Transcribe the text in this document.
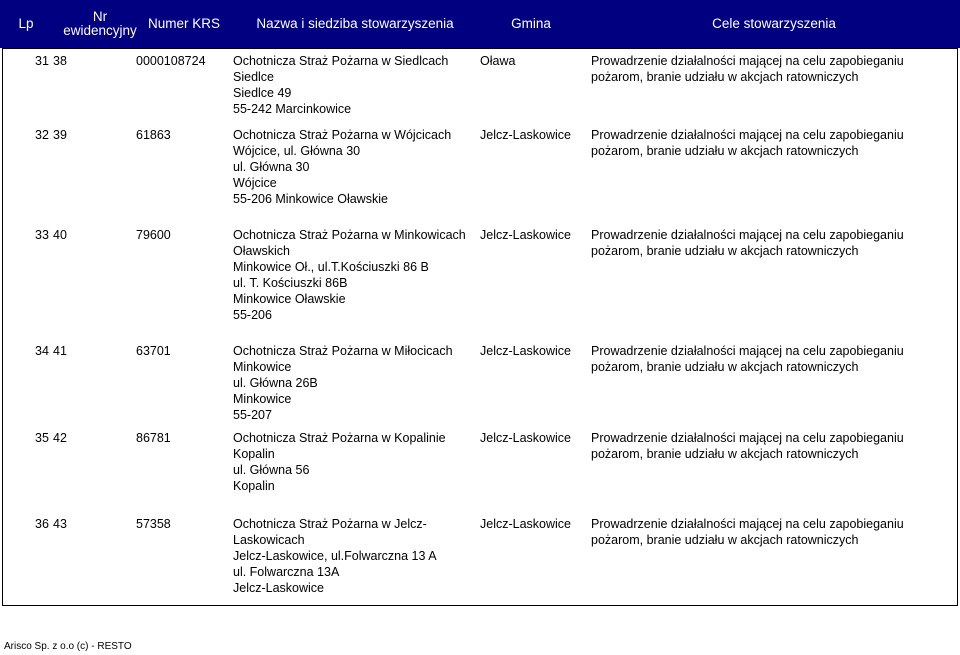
Lp	Nr
ewidencyjny Numer KRS	Nazwa i siedziba stowarzyszenia	Gmina	Cele stowarzyszenia
31 38	0000108724 Ochotnicza Straż Pożarna w Siedlcach
Siedlce
Siedlce 49
55-242 Marcinkowice
Oława	Prowadrzenie działalności mającej na celu zapobieganiu
pożarom, branie udziału w akcjach ratowniczych
32 39	61863	Ochotnicza Straż Pożarna w Wójcicach
Wójcice, ul. Główna 30
ul. Główna 30
Wójcice
55-206 Minkowice Oławskie
Jelcz-Laskowice Prowadrzenie działalności mającej na celu zapobieganiu
pożarom, branie udziału w akcjach ratowniczych
33 40	79600	Ochotnicza Straż Pożarna w Minkowicach
Oławskich
Minkowice Oł., ul.T.Kościuszki 86 B
ul. T. Kościuszki 86B
Minkowice Oławskie
55-206
Jelcz-Laskowice Prowadrzenie działalności mającej na celu zapobieganiu
pożarom, branie udziału w akcjach ratowniczych
34 41	63701	Ochotnicza Straż Pożarna w Miłocicach
Minkowice
ul. Główna 26B
Minkowice
55-207
Jelcz-Laskowice Prowadrzenie działalności mającej na celu zapobieganiu
pożarom, branie udziału w akcjach ratowniczych
35 42	86781	Ochotnicza Straż Pożarna w Kopalinie
Kopalin
ul. Główna 56
Kopalin
Jelcz-Laskowice Prowadrzenie działalności mającej na celu zapobieganiu
pożarom, branie udziału w akcjach ratowniczych
36 43	57358	Ochotnicza Straż Pożarna w Jelcz-
Laskowicach
Jelcz-Laskowice, ul.Folwarczna 13 A
ul. Folwarczna 13A
Jelcz-Laskowice
Jelcz-Laskowice Prowadrzenie działalności mającej na celu zapobieganiu
pożarom, branie udziału w akcjach ratowniczych
Arisco Sp. z o.o (c) - RESTO
